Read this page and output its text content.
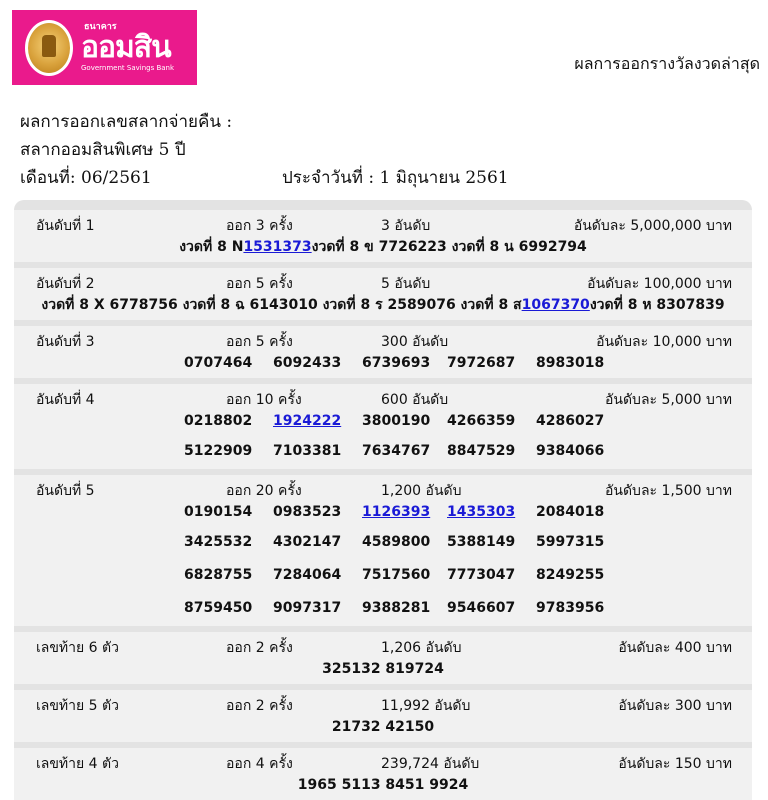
ธนาคาร
ออมสิน
Government Savings Bank	ผลการออกรางวัลงวดล่าสุด
ผลการออกเลขสลากจ่ายคืน :
สลากออมสินพิเศษ 5 ปี
เดือนที่: 06/2561	ประจำวันที่ : 1 มิถุนายน 2561
อันดับที่ 1	ออก 3 ครั้ง	3 อันดับ	อันดับละ 5,000,000 บาท
งวดที่ 8 N 1531373 งวดที่ 8 ข 7726223 งวดที่ 8 น 6992794
อันดับที่ 2	ออก 5 ครั้ง	5 อันดับ	อันดับละ 100,000 บาท
งวดที่ 8 X 6778756 งวดที่ 8 ฉ 6143010 งวดที่ 8 ร 2589076 งวดที่ 8 ส 1067370 งวดที่ 8 ห 8307839
อันดับที่ 3	ออก 5 ครั้ง	300 อันดับ	อันดับละ 10,000 บาท
0707464	6092433	6739693	7972687	8983018
อันดับที่ 4	ออก 10 ครั้ง	600 อันดับ	อันดับละ 5,000 บาท
0218802	1924222	3800190	4266359	4286027
5122909	7103381	7634767	8847529	9384066
อันดับที่ 5	ออก 20 ครั้ง	1,200 อันดับ	อันดับละ 1,500 บาท
0190154	0983523	1126393	1435303	2084018
3425532	4302147	4589800	5388149	5997315
6828755	7284064	7517560	7773047	8249255
8759450	9097317	9388281	9546607	9783956
เลขท้าย 6 ตัว	ออก 2 ครั้ง	1,206 อันดับ	อันดับละ 400 บาท
325132 819724
เลขท้าย 5 ตัว	ออก 2 ครั้ง	11,992 อันดับ	อันดับละ 300 บาท
21732 42150
เลขท้าย 4 ตัว	ออก 4 ครั้ง	239,724 อันดับ	อันดับละ 150 บาท
1965 5113 8451 9924
